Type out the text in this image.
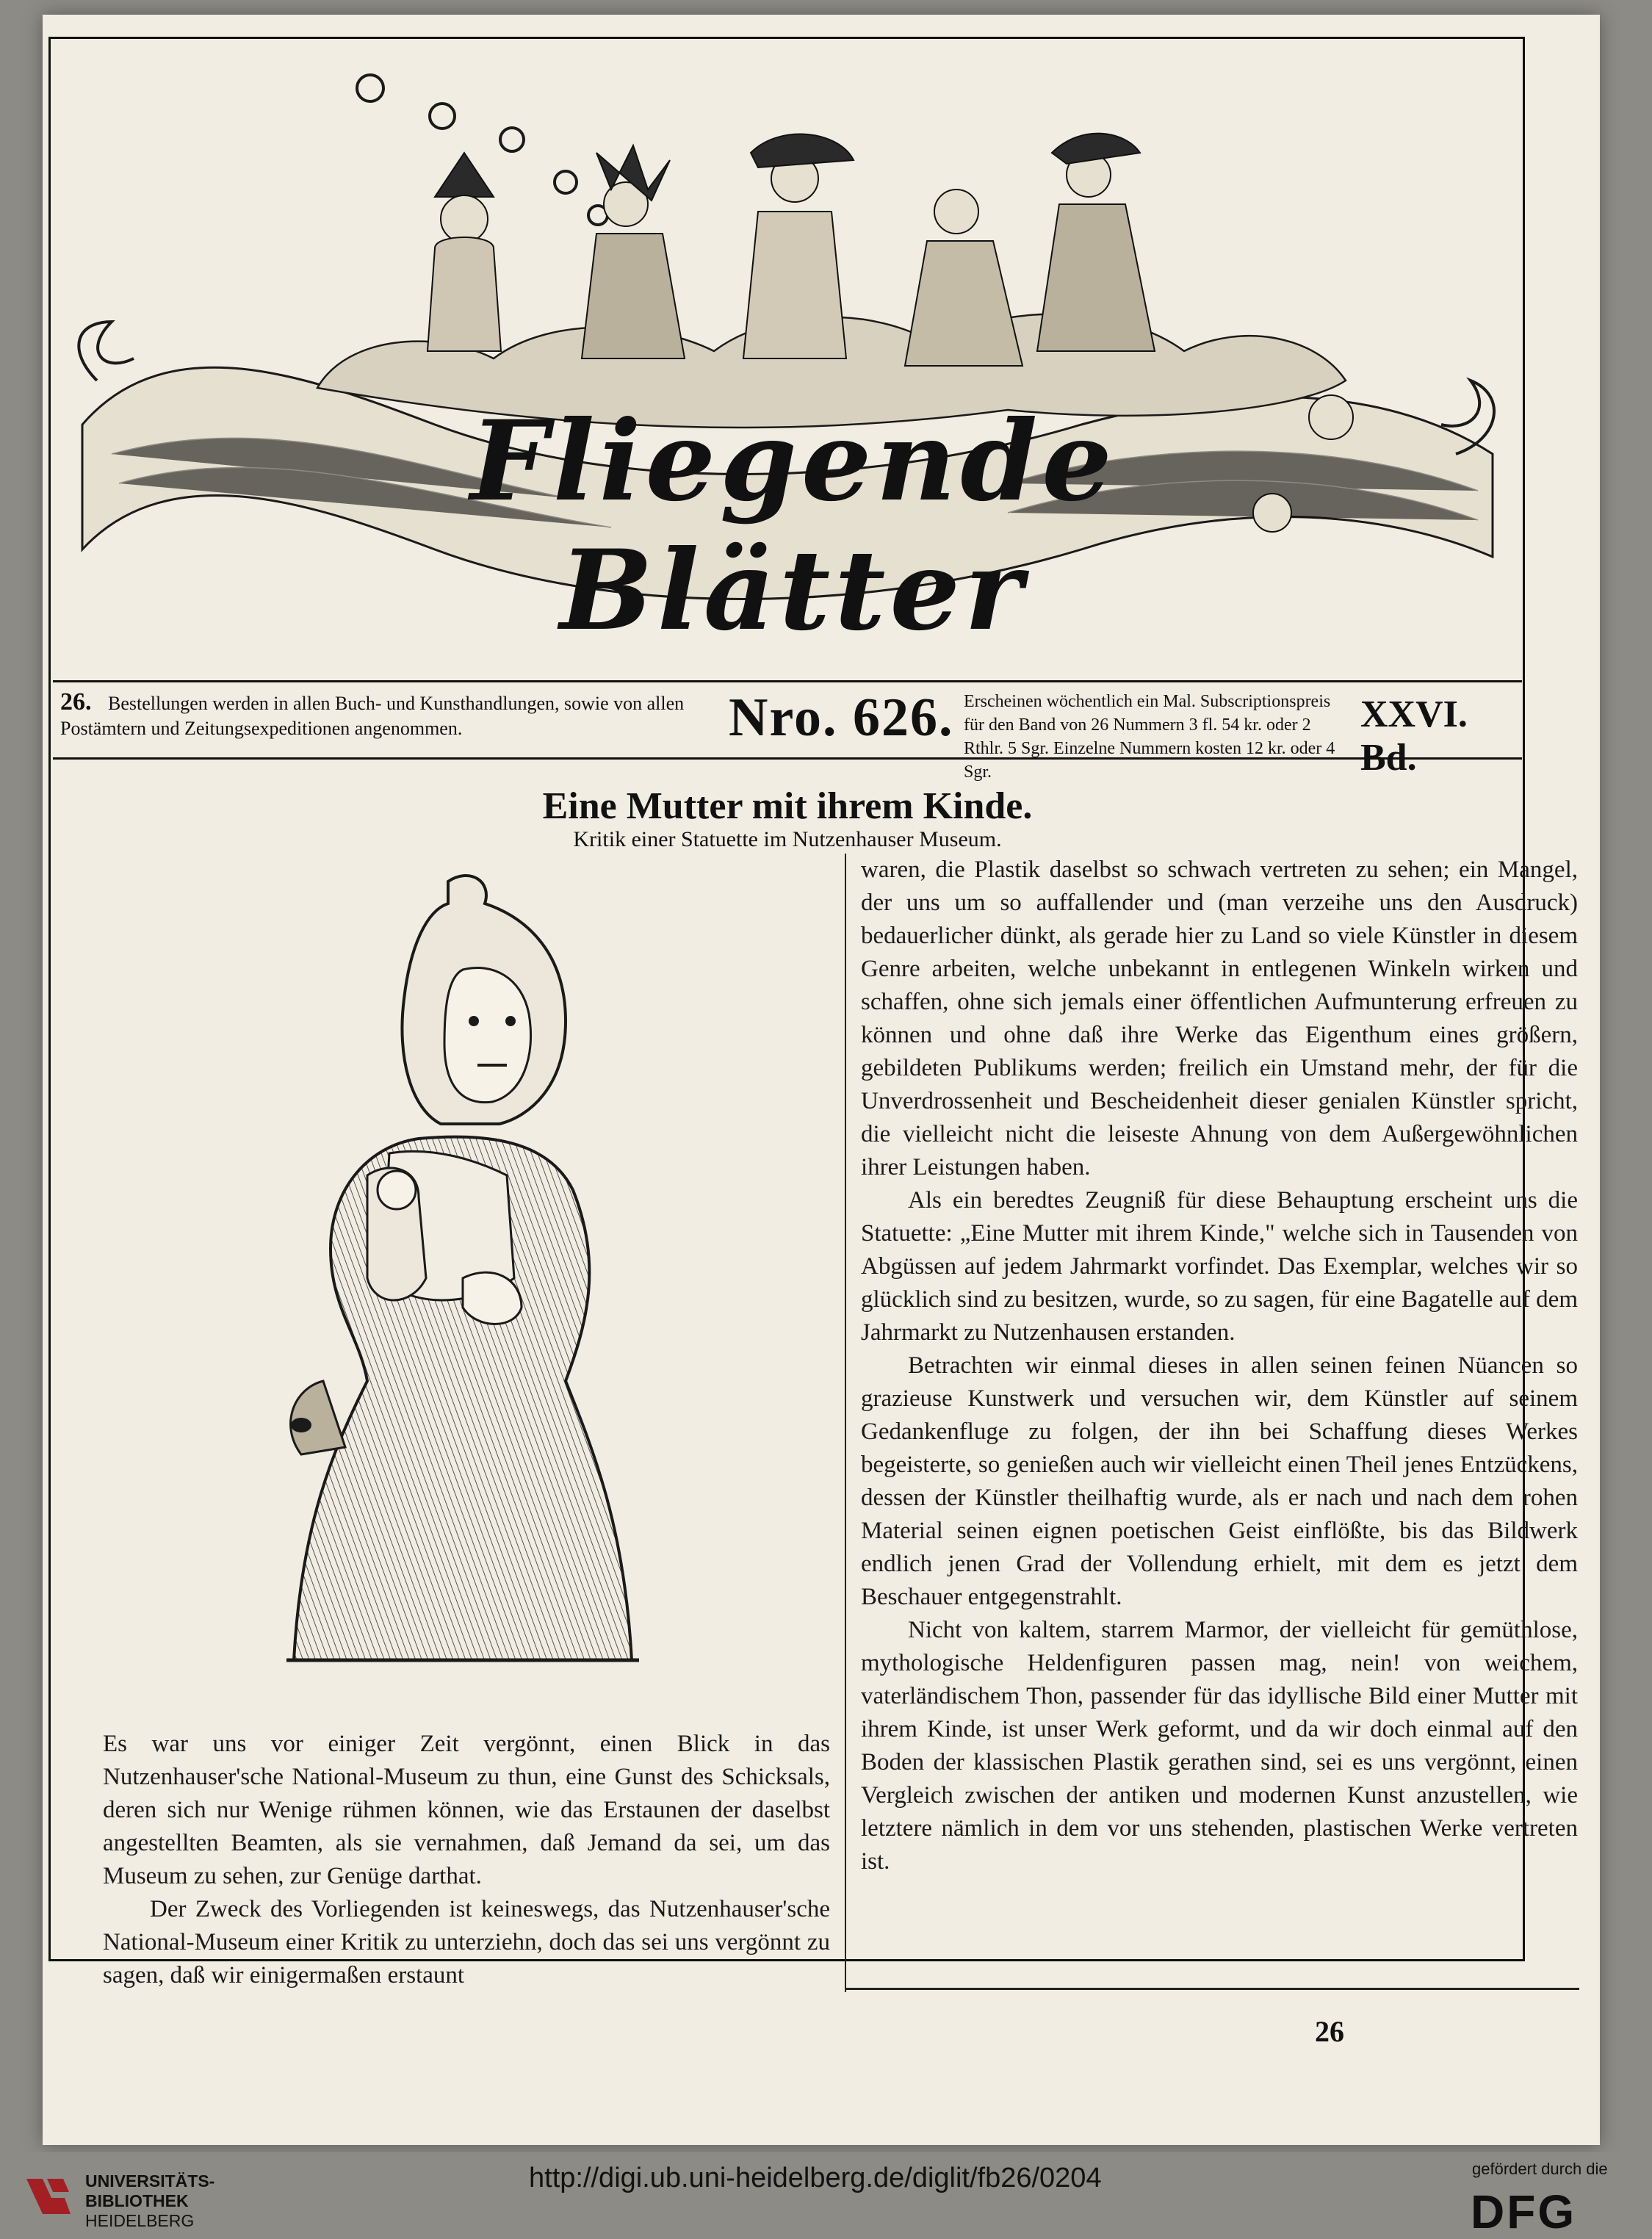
Fliegende Blätter
26. Bestellungen werden in allen Buch- und Kunsthandlungen, sowie von allen Postämtern und Zeitungsexpeditionen angenommen.	Nro. 626. Erscheinen wöchentlich ein Mal. Subscriptionspreis für den Band von 26 Nummern 3 fl. 54 kr. oder 2 Rthlr. 5 Sgr. Einzelne Nummern kosten 12 kr. oder 4 Sgr.
XXVI. Bd.
Eine Mutter mit ihrem Kinde.
Kritik einer Statuette im Nutzenhauser Museum.

Es war uns vor einiger Zeit vergönnt, einen Blick in das Nutzenhauser'sche National-Museum zu thun, eine Gunst des Schicksals, deren sich nur Wenige rühmen können, wie das Erstaunen der daselbst angestellten Beamten, als sie vernahmen, daß Jemand da sei, um das Museum zu sehen, zur Genüge darthat.

Der Zweck des Vorliegenden ist keineswegs, das Nutzenhauser'sche National-Museum einer Kritik zu unterziehn, doch das sei uns vergönnt zu sagen, daß wir einigermaßen erstaunt

waren, die Plastik daselbst so schwach vertreten zu sehen; ein Mangel, der uns um so auffallender und (man verzeihe uns den Ausdruck) bedauerlicher dünkt, als gerade hier zu Land so viele Künstler in diesem Genre arbeiten, welche unbekannt in entlegenen Winkeln wirken und schaffen, ohne sich jemals einer öffentlichen Aufmunterung erfreuen zu können und ohne daß ihre Werke das Eigenthum eines größern, gebildeten Publikums werden; freilich ein Umstand mehr, der für die Unverdrossenheit und Bescheidenheit dieser genialen Künstler spricht, die vielleicht nicht die leiseste Ahnung von dem Außergewöhnlichen ihrer Leistungen haben.

Als ein beredtes Zeugniß für diese Behauptung erscheint uns die Statuette: „Eine Mutter mit ihrem Kinde," welche sich in Tausenden von Abgüssen auf jedem Jahrmarkt vorfindet. Das Exemplar, welches wir so glücklich sind zu besitzen, wurde, so zu sagen, für eine Bagatelle auf dem Jahrmarkt zu Nutzenhausen erstanden.

Betrachten wir einmal dieses in allen seinen feinen Nüancen so grazieuse Kunstwerk und versuchen wir, dem Künstler auf seinem Gedankenfluge zu folgen, der ihn bei Schaffung dieses Werkes begeisterte, so genießen auch wir vielleicht einen Theil jenes Entzückens, dessen der Künstler theilhaftig wurde, als er nach und nach dem rohen Material seinen eignen poetischen Geist einflößte, bis das Bildwerk endlich jenen Grad der Vollendung erhielt, mit dem es jetzt dem Beschauer entgegenstrahlt.

Nicht von kaltem, starrem Marmor, der vielleicht für gemüthlose, mythologische Heldenfiguren passen mag, nein! von weichem, vaterländischem Thon, passender für das idyllische Bild einer Mutter mit ihrem Kinde, ist unser Werk geformt, und da wir doch einmal auf den Boden der klassischen Plastik gerathen sind, sei es uns vergönnt, einen Vergleich zwischen der antiken und modernen Kunst anzustellen, wie letztere nämlich in dem vor uns stehenden, plastischen Werke vertreten ist.

26
UNIVERSITÄTS-
BIBLIOTHEK
HEIDELBERG
http://digi.ub.uni-heidelberg.de/diglit/fb26/0204	gefördert durch die
DFG
